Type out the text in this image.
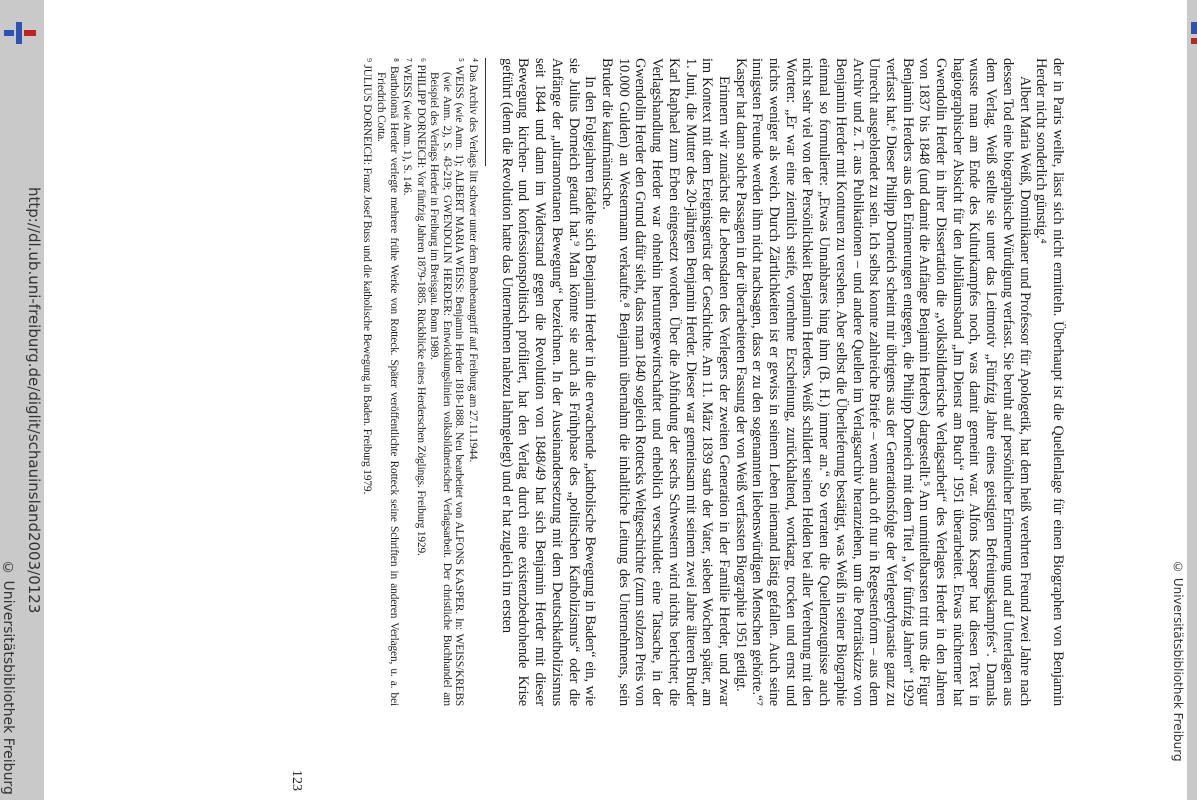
http://dl.ub.uni-freiburg.de/diglit/schauinsland2003/0123	der in Paris weilte, lässt sich nicht ermitteln. Überhaupt ist die Quellenlage für einen Biographen von Benjamin Herder nicht sonderlich günstig.⁴

Albert Maria Weiß, Dominikaner und Professor für Apologetik, hat dem heiß verehrten Freund zwei Jahre nach dessen Tod eine biographische Würdigung verfasst. Sie beruht auf persönlicher Erinnerung und auf Unterlagen aus dem Verlag. Weiß stellte sie unter das Leitmotiv „Fünfzig Jahre eines geistigen Befreiungskampfes“. Damals wusste man am Ende des Kulturkampfes noch, was damit gemeint war. Alfons Kasper hat diesen Text in hagiographischer Absicht für den Jubiläumsband „Im Dienst am Buch“ 1951 überarbeitet. Etwas nüchterner hat Gwendolin Herder in ihrer Dissertation die „volksbildnerische Verlagsarbeit“ des Verlages Herder in den Jahren von 1837 bis 1848 (und damit die Anfänge Benjamin Herders) dargestellt.⁵ Am unmittelbarsten tritt uns die Figur Benjamin Herders aus den Erinnerungen entgegen, die Philipp Dorneich mit dem Titel „Vor fünfzig Jahren“ 1929 verfasst hat.⁶ Dieser Philipp Dorneich scheint mir übrigens aus der Generationsfolge der Verlegerdynastie ganz zu Unrecht ausgeblendet zu sein. Ich selbst konnte zahlreiche Briefe – wenn auch oft nur in Regestenform – aus dem Archiv und z. T. aus Publikationen – und andere Quellen im Verlagsarchiv heranziehen, um die Porträtskizze von Benjamin Herder mit Konturen zu versehen. Aber selbst die Überlieferung bestätigt, was Weiß in seiner Biographie einmal so formulierte: „Etwas Unnahbares hing ihm (B. H.) immer an.“ So verraten die Quellenzeugnisse auch nicht sehr viel von der Persönlichkeit Benjamin Herders. Weiß schildert seinen Helden bei aller Verehrung mit den Worten: „Er war eine ziemlich steife, vornehme Erscheinung, zurückhaltend, wortkarg, trocken und ernst und nichts weniger als weich. Durch Zärtlichkeiten ist er gewiss in seinem Leben niemand lästig gefallen. Auch seine innigsten Freunde werden ihm nicht nachsagen, dass er zu den sogenannten liebenswürdigen Menschen gehörte.“⁷ Kasper hat dann solche Passagen in der überarbeiteten Fassung der von Weiß verfassten Biographie 1951 getilgt.

Erinnern wir zunächst die Lebensdaten des Verlegers der zweiten Generation in der Familie Herder, und zwar im Kontext mit dem Ereignisgerüst der Geschichte. Am 11. März 1839 starb der Vater, sieben Wochen später, am 1. Juni, die Mutter des 20-jährigen Benjamin Herder. Dieser war gemeinsam mit seinem zwei Jahre älteren Bruder Karl Raphael zum Erben eingesetzt worden. Über die Abfindung der sechs Schwestern wird nichts berichtet; die Verlagshandlung Herder war ohnehin heruntergewirtschaftet und erheblich verschuldet: eine Tatsache, in der Gwendolin Herder den Grund dafür sieht, dass man 1840 sogleich Rottecks Weltgeschichte (zum stolzen Preis von 10.000 Gulden) an Westermann verkaufte.⁸ Benjamin übernahm die inhaltliche Leitung des Unternehmens, sein Bruder die kaufmännische.

In den Folgejahren fädelte sich Benjamin Herder in die erwachende „katholische Bewegung in Baden“ ein, wie sie Julius Dorneich getauft hat.⁹ Man könnte sie auch als Frühphase des „politischen Katholizismus“ oder die Anfänge der „ultramontanen Bewegung“ bezeichnen. In der Auseinandersetzung mit dem Deutschkatholizismus seit 1844 und dann im Widerstand gegen die Revolution von 1848/49 hat sich Benjamin Herder mit dieser Bewegung kirchen- und konfessionspolitisch profiliert, hat den Verlag durch eine existenzbedrohende Krise geführt (denn die Revolution hatte das Unternehmen nahezu lahmgelegt) und er hat zugleich im ersten

⁴ Das Archiv des Verlags litt schwer unter dem Bombenangriff auf Freiburg am 27.11.1944.

⁵ WEISS (wie Anm. 1); ALBERT MARIA WEISS: Benjamin Herder 1818-1888. Neu bearbeitet von ALFONS KASPER. In: WEISS/KREBS (wie Anm. 2), S. 43-219; GWENDOLIN HERDER: Entwicklungslinien volksbildnerischer Verlagsarbeit. Der christliche Buchhandel am Beispiel des Verlags Herder in Freiburg im Breisgau. Bonn 1989.

⁶ PHILIPP DORNEICH: Vor fünfzig Jahren 1879-1885. Rückblicke eines Herderschen Zöglings. Freiburg 1929.

⁷ WEISS (wie Anm. 1), S. 146.

⁸ Bartholomä Herder verlegte mehrere frühe Werke von Rotteck. Später veröffentlichte Rotteck seine Schriften in anderen Verlagen, u. a. bei Friedrich Cotta.

⁹ JULIUS DORNEICH: Franz Josef Buss und die katholische Bewegung in Baden. Freiburg 1979.

123
© Universitätsbibliothek Freiburg	© Universitätsbibliothek Freiburg
